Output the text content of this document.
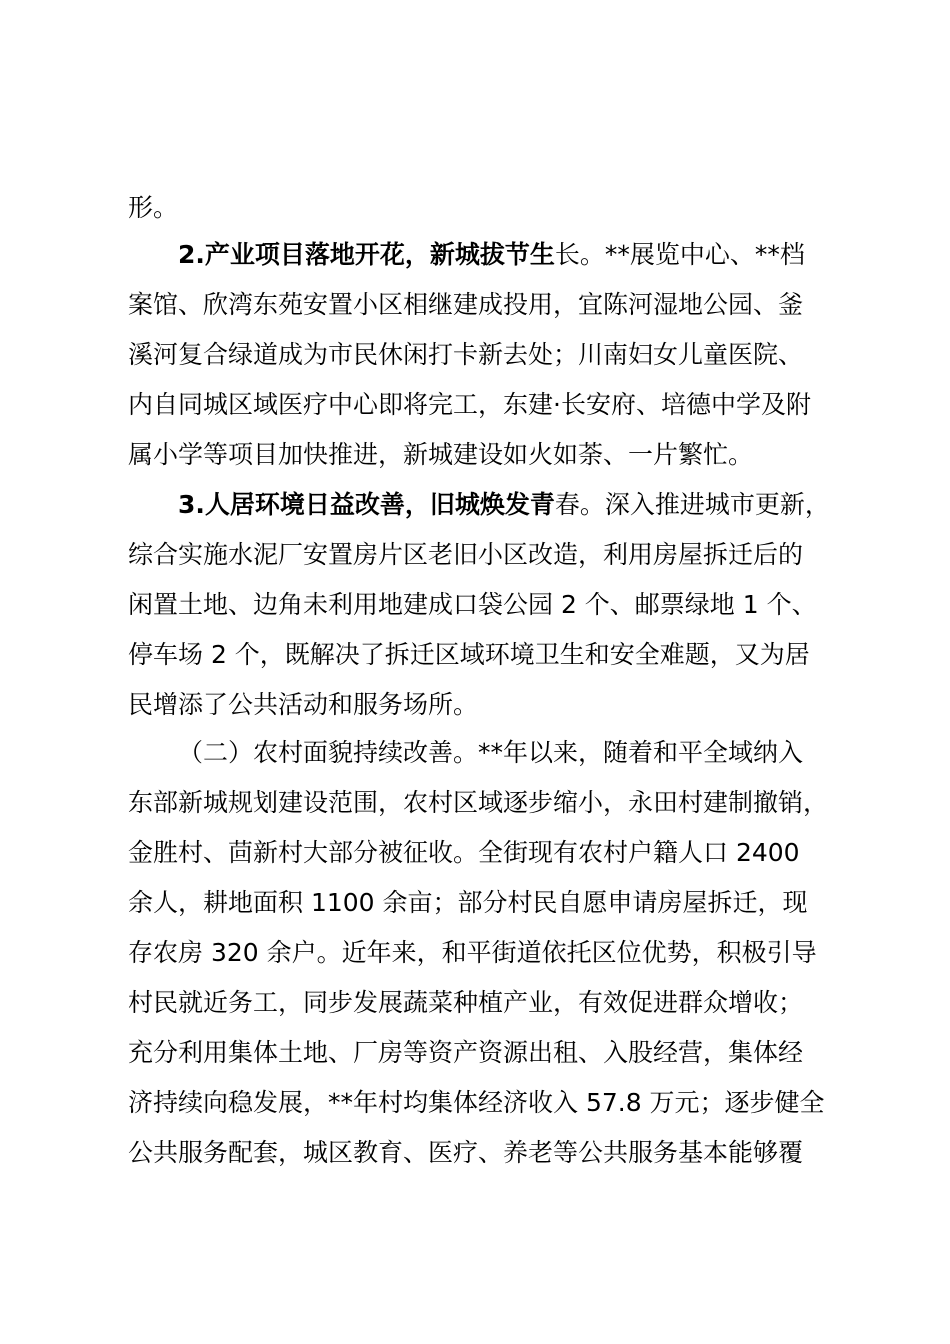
形。
2.产业项目落地开花，新城拔节生长。**展览中心、**档
案馆、欣湾东苑安置小区相继建成投用，宜陈河湿地公园、釜
溪河复合绿道成为市民休闲打卡新去处；川南妇女儿童医院、
内自同城区域医疗中心即将完工，东建·长安府、培德中学及附
属小学等项目加快推进，新城建设如火如荼、一片繁忙。
3.人居环境日益改善，旧城焕发青春。深入推进城市更新，
综合实施水泥厂安置房片区老旧小区改造，利用房屋拆迁后的
闲置土地、边角未利用地建成口袋公园 2 个、邮票绿地 1 个、
停车场 2 个，既解决了拆迁区域环境卫生和安全难题，又为居
民增添了公共活动和服务场所。
（二）农村面貌持续改善。**年以来，随着和平全域纳入
东部新城规划建设范围，农村区域逐步缩小，永田村建制撤销，
金胜村、茴新村大部分被征收。全街现有农村户籍人口 2400
余人，耕地面积 1100 余亩；部分村民自愿申请房屋拆迁，现
存农房 320 余户。近年来，和平街道依托区位优势，积极引导
村民就近务工，同步发展蔬菜种植产业，有效促进群众增收；
充分利用集体土地、厂房等资产资源出租、入股经营，集体经
济持续向稳发展，**年村均集体经济收入 57.8 万元；逐步健全
公共服务配套，城区教育、医疗、养老等公共服务基本能够覆
